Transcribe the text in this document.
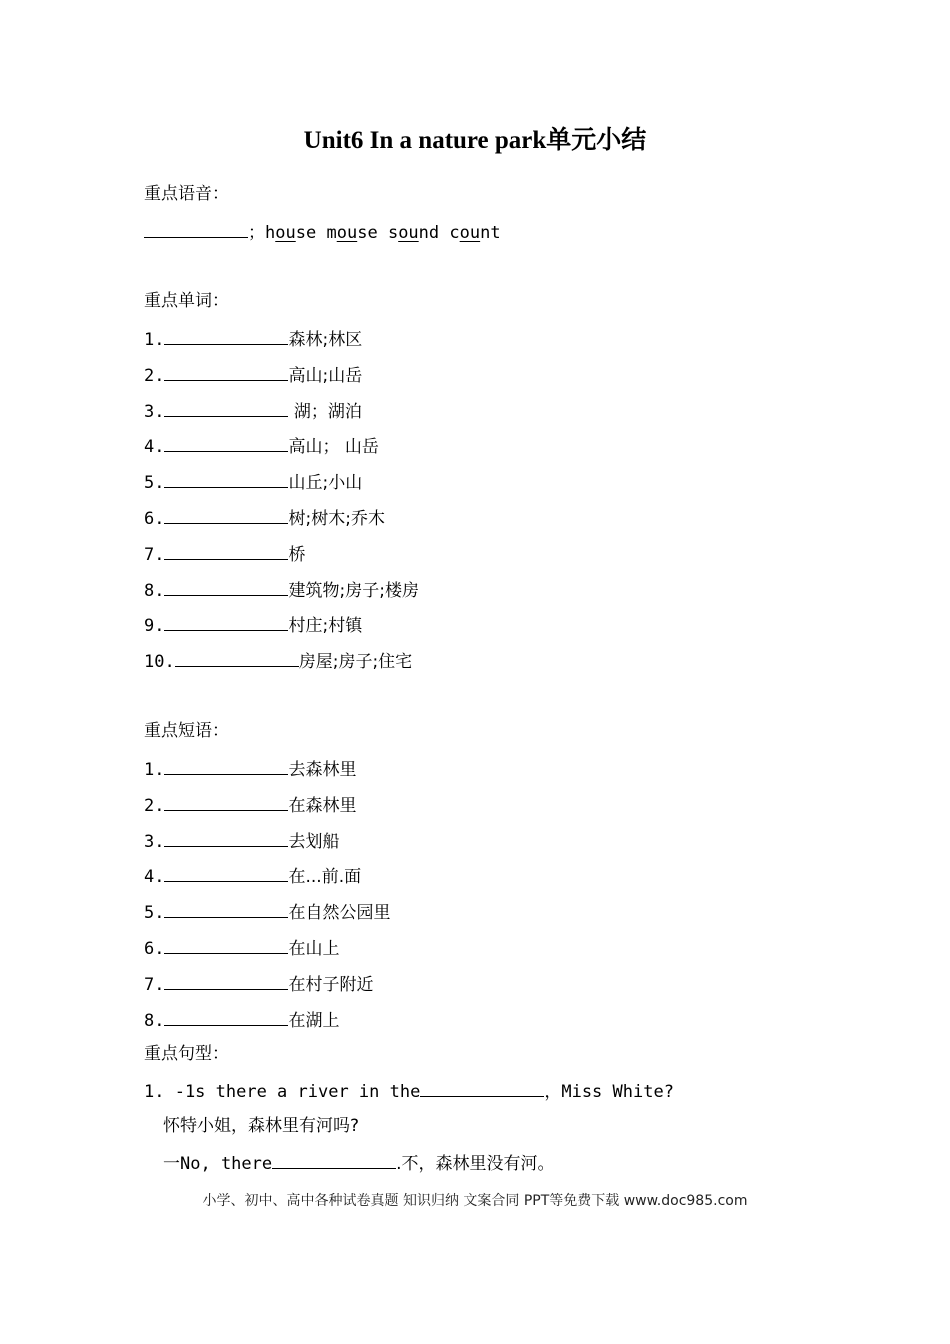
Unit6 In a nature park单元小结
重点语音：
；house mouse sound count
重点单词：
1.	森林;林区
2.	高山;山岳
3.	湖；湖泊
4.	高山； 山岳
5.	山丘;小山
6.	树;树木;乔木
7.	桥
8.	建筑物;房子;楼房
9.	村庄;村镇
10.	房屋;房子;住宅
重点短语：
1.	去森林里
2.	在森林里
3.	去划船
4.	在...前.面
5.	在自然公园里
6.	在山上
7.	在村子附近
8.	在湖上
重点句型：
1. -1s there a river in the	，Miss White?
怀特小姐，森林里有河吗?
一No, there	.不，森林里没有河。
小学、初中、高中各种试卷真题 知识归纳 文案合同 PPT等免费下载 www.doc985.com
